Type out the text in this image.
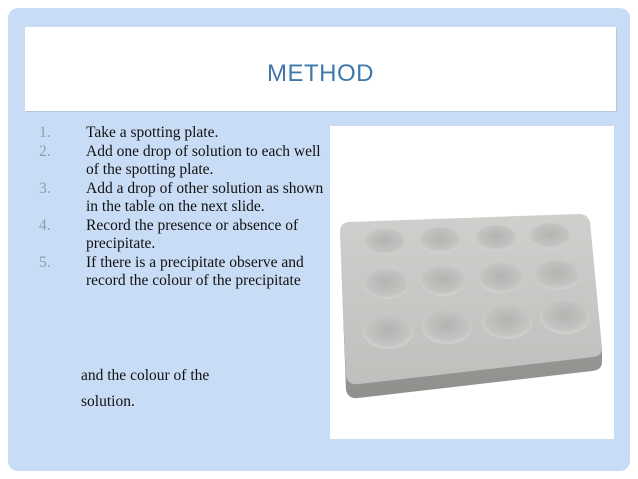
METHOD
1. Take a spotting plate.
2. Add one drop of solution to each well of the spotting plate.
3. Add a drop of other solution as shown in the table on the next slide.
4. Record the presence or absence of precipitate.
5. If there is a precipitate observe and record the colour of the precipitate
and the colour of the
solution.
